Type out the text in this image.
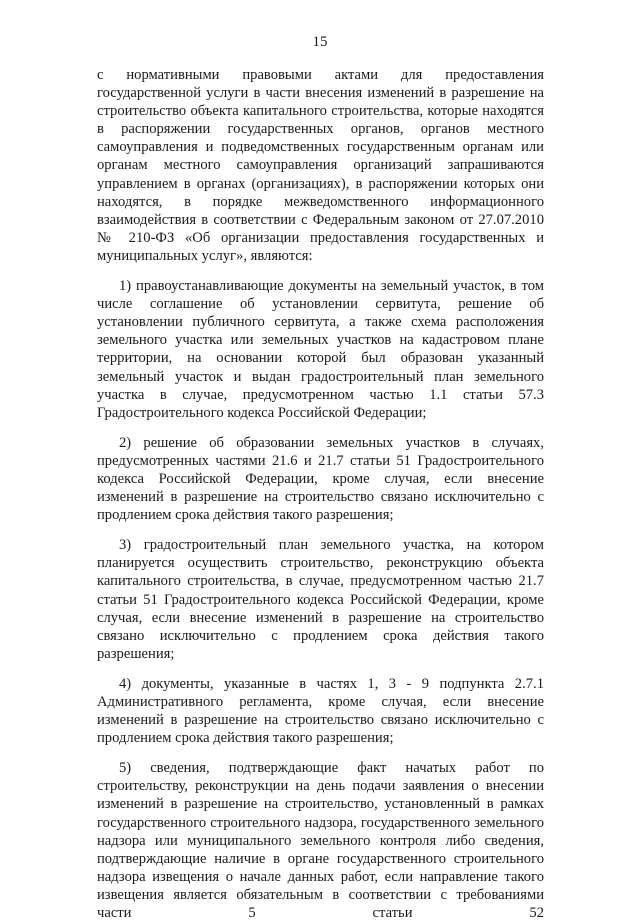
15

с нормативными правовыми актами для предоставления государственной услуги в части внесения изменений в разрешение на строительство объекта капитального строительства, которые находятся в распоряжении государственных органов, органов местного самоуправления и подведомственных государственным органам или органам местного самоуправления организаций запрашиваются управлением в органах (организациях), в распоряжении которых они находятся, в порядке межведомственного информационного взаимодействия в соответствии с Федеральным законом от 27.07.2010 № 210-ФЗ «Об организации предоставления государственных и муниципальных услуг», являются:

1) правоустанавливающие документы на земельный участок, в том числе соглашение об установлении сервитута, решение об установлении публичного сервитута, а также схема расположения земельного участка или земельных участков на кадастровом плане территории, на основании которой был образован указанный земельный участок и выдан градостроительный план земельного участка в случае, предусмотренном частью 1.1 статьи 57.3 Градостроительного кодекса Российской Федерации;

2) решение об образовании земельных участков в случаях, предусмотренных частями 21.6 и 21.7 статьи 51 Градостроительного кодекса Российской Федерации, кроме случая, если внесение изменений в разрешение на строительство связано исключительно с продлением срока действия такого разрешения;

3) градостроительный план земельного участка, на котором планируется осуществить строительство, реконструкцию объекта капитального строительства, в случае, предусмотренном частью 21.7 статьи 51 Градостроительного кодекса Российской Федерации, кроме случая, если внесение изменений в разрешение на строительство связано исключительно с продлением срока действия такого разрешения;

4) документы, указанные в частях 1, 3 - 9 подпункта 2.7.1 Административного регламента, кроме случая, если внесение изменений в разрешение на строительство связано исключительно с продлением срока действия такого разрешения;

5) сведения, подтверждающие факт начатых работ по строительству, реконструкции на день подачи заявления о внесении изменений в разрешение на строительство, установленный в рамках государственного строительного надзора, государственного земельного надзора или муниципального земельного контроля либо сведения, подтверждающие наличие в органе государственного строительного надзора извещения о начале данных работ, если направление такого извещения является обязательным в соответствии с требованиями части 5 статьи 52
